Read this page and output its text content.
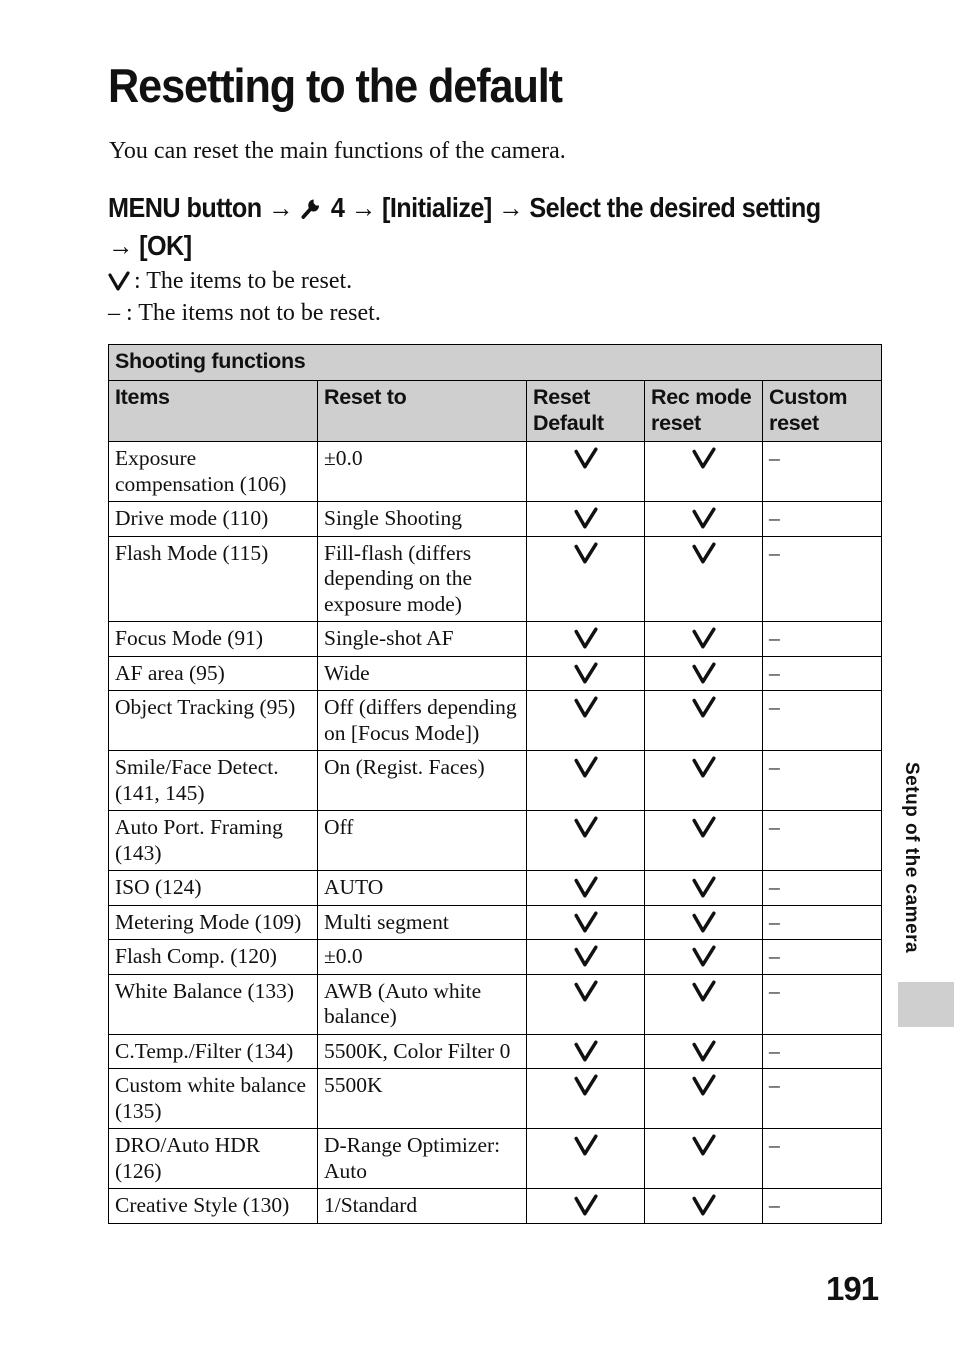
Resetting to the default
You can reset the main functions of the camera.
MENU button → 4 → [Initialize] → Select the desired setting
→ [OK]
: The items to be reset.
– : The items not to be reset.
Shooting functions				
Items	Reset to	Reset Default	Rec mode reset	Custom reset
Exposure compensation (106)	±0.0			–
Drive mode (110)	Single Shooting			–
Flash Mode (115)	Fill-flash (differs depending on the exposure mode)			–
Focus Mode (91)	Single-shot AF			–
AF area (95)	Wide			–
Object Tracking (95)	Off (differs depending on [Focus Mode])			–
Smile/Face Detect. (141, 145)	On (Regist. Faces)			–
Auto Port. Framing (143)	Off			–
ISO (124)	AUTO			–
Metering Mode (109)	Multi segment			–
Flash Comp. (120)	±0.0			–
White Balance (133)	AWB (Auto white balance)			–
C.Temp./Filter (134)	5500K, Color Filter 0			–
Custom white balance (135)	5500K			–
DRO/Auto HDR (126)	D-Range Optimizer: Auto			–
Creative Style (130)	1/Standard			–
Setup of the camera
191
